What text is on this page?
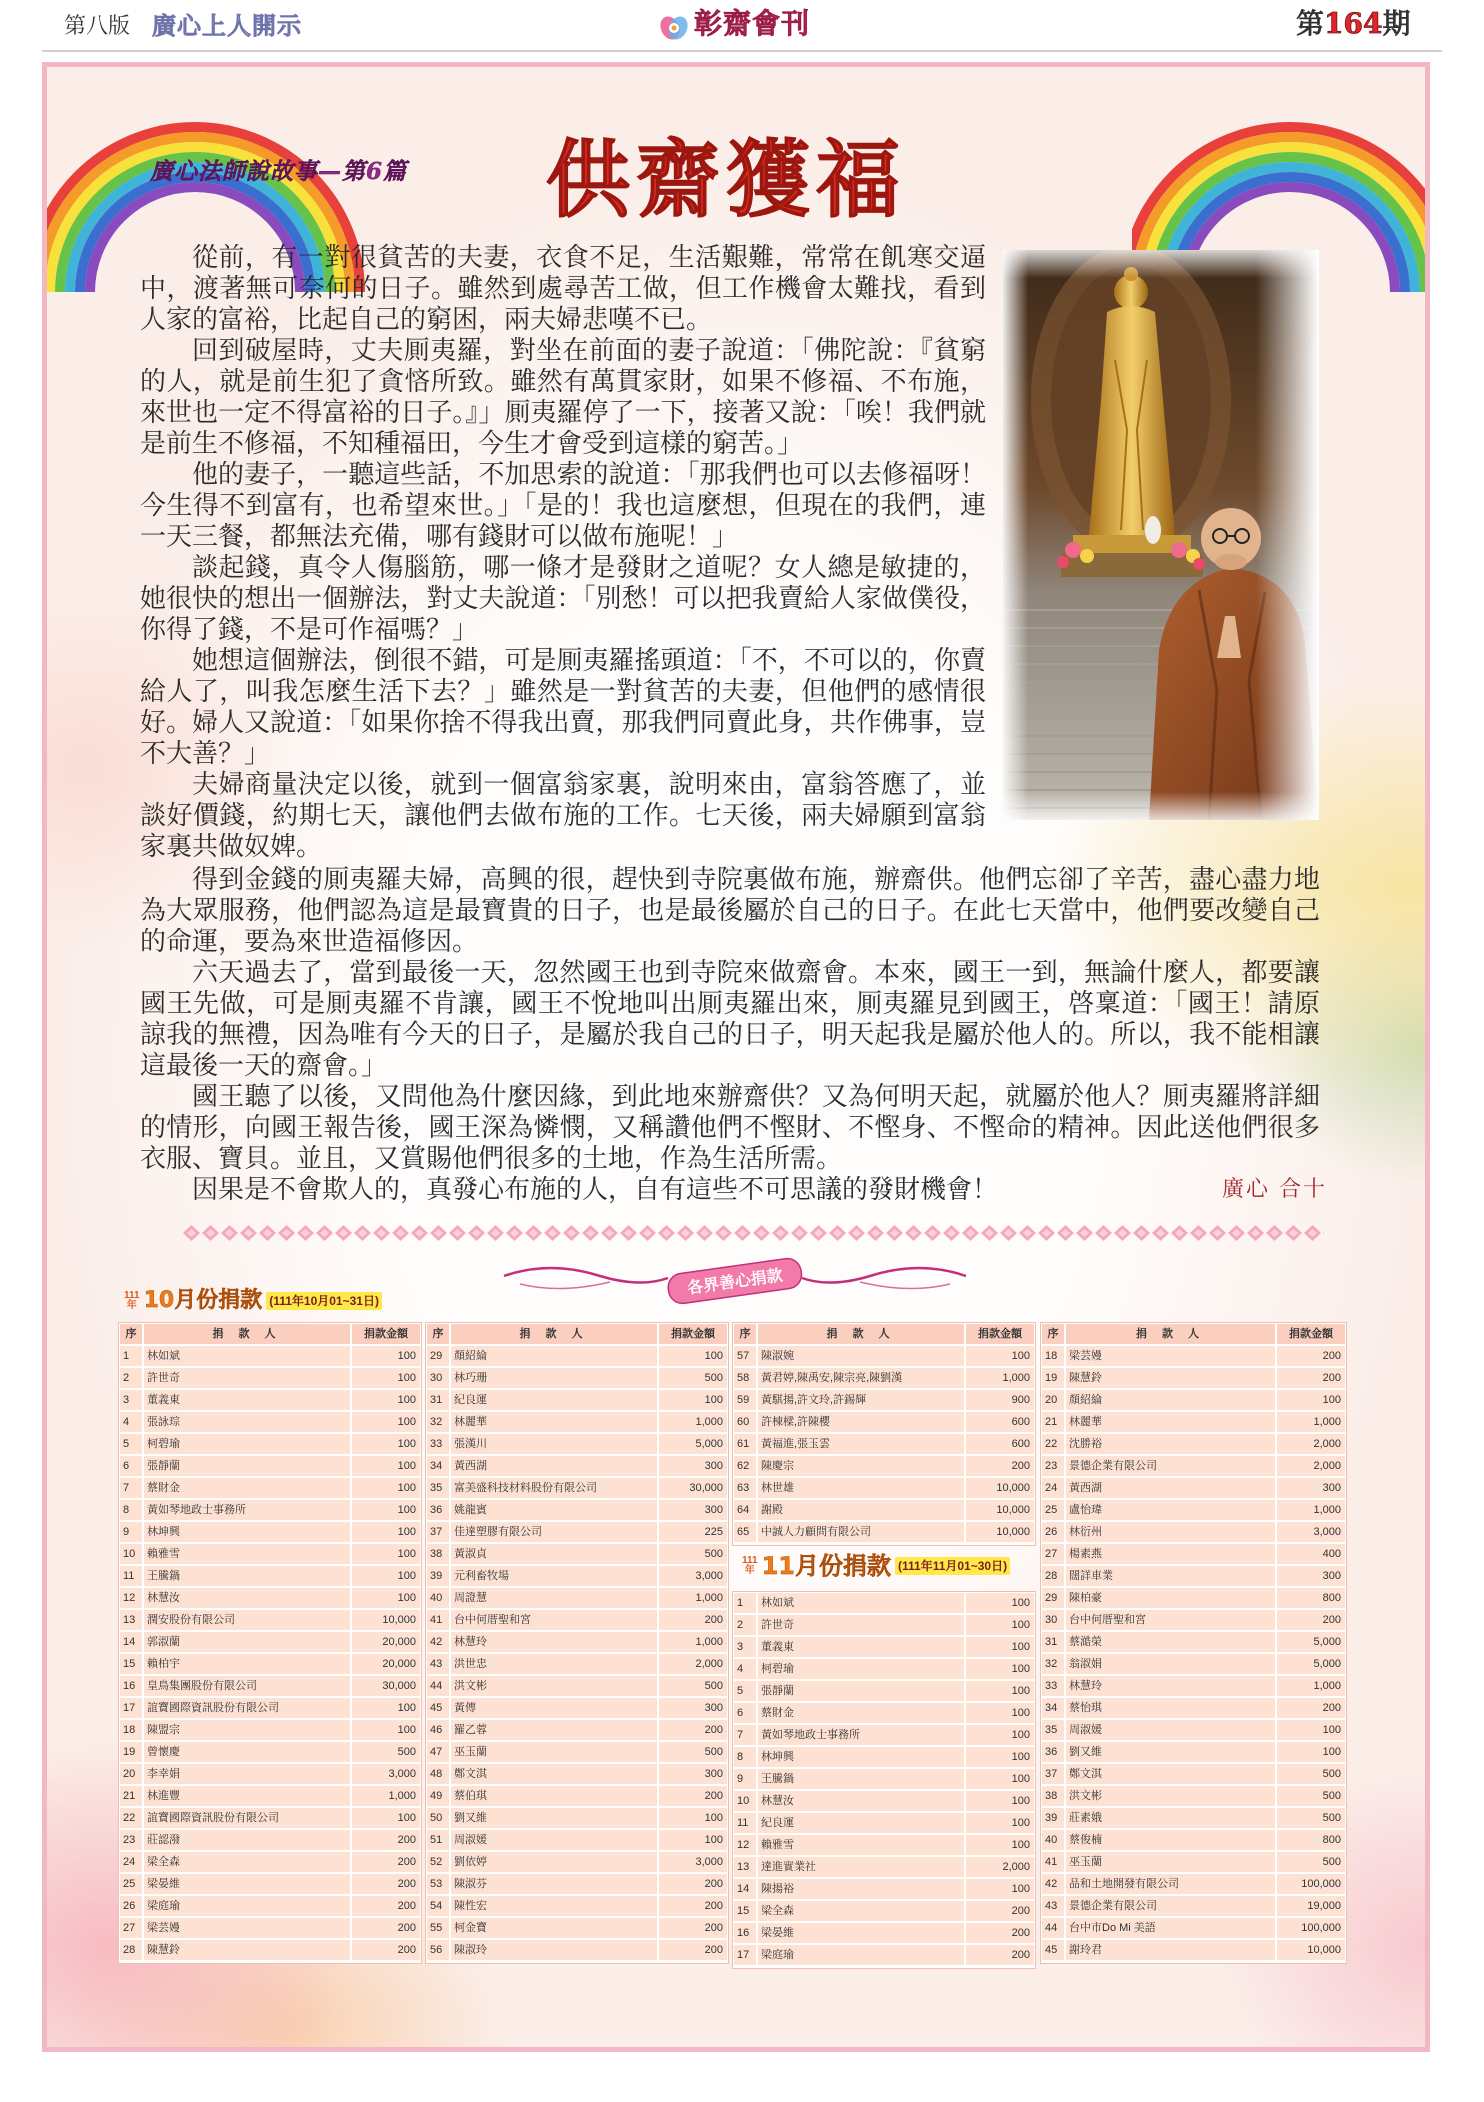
第八版 廣心上人開示	彰齋會刊	第164期
廣心法師說故事—第6篇 供齋獲福

從前，有一對很貧苦的夫妻，衣食不足，生活艱難，常常在飢寒交逼中，渡著無可奈何的日子。雖然到處尋苦工做，但工作機會太難找，看到人家的富裕，比起自己的窮困，兩夫婦悲嘆不已。

回到破屋時，丈夫厠夷羅，對坐在前面的妻子說道：「佛陀說：『貧窮的人，就是前生犯了貪悋所致。雖然有萬貫家財，如果不修福、不布施，來世也一定不得富裕的日子。』」厠夷羅停了一下，接著又說：「唉！我們就是前生不修福，不知種福田，今生才會受到這樣的窮苦。」

他的妻子，一聽這些話，不加思索的說道：「那我們也可以去修福呀！今生得不到富有，也希望來世。」「是的！我也這麼想，但現在的我們，連一天三餐，都無法充備，哪有錢財可以做布施呢！」

談起錢，真令人傷腦筋，哪一條才是發財之道呢？女人總是敏捷的，她很快的想出一個辦法，對丈夫說道：「別愁！可以把我賣給人家做僕役，你得了錢，不是可作福嗎？」

她想這個辦法，倒很不錯，可是厠夷羅搖頭道：「不，不可以的，你賣給人了，叫我怎麼生活下去？」雖然是一對貧苦的夫妻，但他們的感情很好。婦人又說道：「如果你捨不得我出賣，那我們同賣此身，共作佛事，豈不大善？」

夫婦商量決定以後，就到一個富翁家裏，說明來由，富翁答應了，並談好價錢，約期七天，讓他們去做布施的工作。七天後，兩夫婦願到富翁家裏共做奴婢。

得到金錢的厠夷羅夫婦，高興的很，趕快到寺院裏做布施，辦齋供。他們忘卻了辛苦，盡心盡力地為大眾服務，他們認為這是最寶貴的日子，也是最後屬於自己的日子。在此七天當中，他們要改變自己的命運，要為來世造福修因。

六天過去了，當到最後一天，忽然國王也到寺院來做齋會。本來，國王一到，無論什麼人，都要讓國王先做，可是厠夷羅不肯讓，國王不悅地叫出厠夷羅出來，厠夷羅見到國王，啓稟道：「國王！請原諒我的無禮，因為唯有今天的日子，是屬於我自己的日子，明天起我是屬於他人的。所以，我不能相讓這最後一天的齋會。」

國王聽了以後，又問他為什麼因緣，到此地來辦齋供？又為何明天起，就屬於他人？厠夷羅將詳細的情形，向國王報告後，國王深為憐憫，又稱讚他們不慳財、不慳身、不慳命的精神。因此送他們很多衣服、寶貝。並且，又賞賜他們很多的土地，作為生活所需。

因果是不會欺人的，真發心布施的人，自有這些不可思議的發財機會！	廣心 合十
各界善心捐款
111
年 10月份捐款 (111年10月01~31日)
序	捐 款 人	捐款金額
1	林如斌	100
2	許世奇	100
3	董義東	100
4	張詠琮	100
5	柯碧瑜	100
6	張靜蘭	100
7	蔡財金	100
8	黃如琴地政士事務所	100
9	林坤興	100
10	賴雅雪	100
11	王騰鍋	100
12	林慧汝	100
13	潤安股份有限公司	10,000
14	郭淑蘭	20,000
15	賴柏宇	20,000
16	皇鳥集團股份有限公司	30,000
17	誼寶國際資訊股份有限公司	100
18	陳盟宗	100
19	曾懷慶	500
20	李幸娟	3,000
21	林進豐	1,000
22	誼寶國際資訊股份有限公司	100
23	莊認潑	200
24	梁全森	200
25	梁晏維	200
26	梁庭瑜	200
27	梁芸嫚	200
28	陳慧鈴	200
序	捐 款 人	捐款金額
29	顏紹綸	100
30	林巧珊	500
31	紀良運	100
32	林麗華	1,000
33	張漢川	5,000
34	黃西湖	300
35	富美盛科技材料股份有限公司	30,000
36	姚龍賓	300
37	佳達塑膠有限公司	225
38	黃淑貞	500
39	元利畜牧場	3,000
40	周證慧	1,000
41	台中何厝聖和宮	200
42	林慧玲	1,000
43	洪世忠	2,000
44	洪文彬	500
45	黃傳	300
46	羅乙蓉	200
47	巫玉蘭	500
48	鄭文淇	300
49	蔡伯琪	200
50	劉又維	100
51	周淑媛	100
52	劉依婷	3,000
53	陳淑芬	200
54	陳性宏	200
55	柯金寶	200
56	陳淑玲	200
序	捐 款 人	捐款金額
57	陳淑婉	100
58	黃君婷,陳禹安,陳宗亮,陳劉漢	1,000
59	黃騏揚,許文玲,許錫輝	900
60	許棟樑,許陳櫻	600
61	黃福進,張玉雲	600
62	陳慶宗	200
63	林世雄	10,000
64	謝殿	10,000
65	中誠人力顧問有限公司	10,000
111
年 11月份捐款 (111年11月01~30日)
1	林如斌	100
2	許世奇	100
3	董義東	100
4	柯碧瑜	100
5	張靜蘭	100
6	蔡財金	100
7	黃如琴地政士事務所	100
8	林坤興	100
9	王騰鍋	100
10	林慧汝	100
11	紀良運	100
12	賴雅雪	100
13	達進實業社	2,000
14	陳揚裕	100
15	梁全森	200
16	梁晏維	200
17	梁庭瑜	200
序	捐 款 人	捐款金額
18	梁芸嫚	200
19	陳慧鈴	200
20	顏紹綸	100
21	林麗華	1,000
22	沈勝裕	2,000
23	景德企業有限公司	2,000
24	黃西湖	300
25	盧怡瑋	1,000
26	林衍州	3,000
27	楊素燕	400
28	闊詳車業	300
29	陳柏豪	800
30	台中何厝聖和宮	200
31	蔡澔榮	5,000
32	翁淑娟	5,000
33	林慧玲	1,000
34	蔡怡琪	200
35	周淑媛	100
36	劉又維	100
37	鄭文淇	500
38	洪文彬	500
39	莊素娥	500
40	蔡俊楠	800
41	巫玉蘭	500
42	品和土地開發有限公司	100,000
43	景德企業有限公司	19,000
44	台中市Do Mi 美語	100,000
45	謝玲君	10,000
